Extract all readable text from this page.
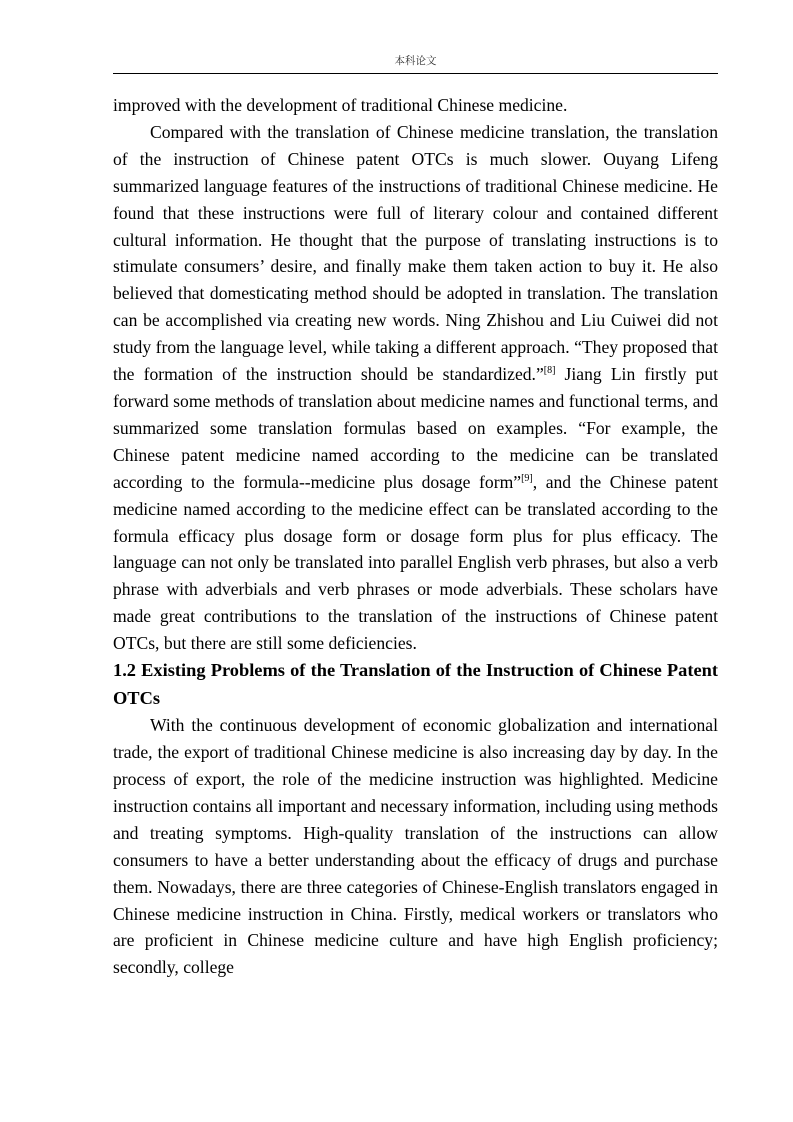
本科论文

improved with the development of traditional Chinese medicine.

Compared with the translation of Chinese medicine translation, the translation of the instruction of Chinese patent OTCs is much slower. Ouyang Lifeng summarized language features of the instructions of traditional Chinese medicine. He found that these instructions were full of literary colour and contained different cultural information. He thought that the purpose of translating instructions is to stimulate consumers’ desire, and finally make them taken action to buy it. He also believed that domesticating method should be adopted in translation. The translation can be accomplished via creating new words. Ning Zhishou and Liu Cuiwei did not study from the language level, while taking a different approach. “They proposed that the formation of the instruction should be standardized.”[8] Jiang Lin firstly put forward some methods of translation about medicine names and functional terms, and summarized some translation formulas based on examples. “For example, the Chinese patent medicine named according to the medicine can be translated according to the formula--medicine plus dosage form”[9], and the Chinese patent medicine named according to the medicine effect can be translated according to the formula efficacy plus dosage form or dosage form plus for plus efficacy. The language can not only be translated into parallel English verb phrases, but also a verb phrase with adverbials and verb phrases or mode adverbials. These scholars have made great contributions to the translation of the instructions of Chinese patent OTCs, but there are still some deficiencies.

1.2 Existing Problems of the Translation of the Instruction of Chinese Patent OTCs

With the continuous development of economic globalization and international trade, the export of traditional Chinese medicine is also increasing day by day. In the process of export, the role of the medicine instruction was highlighted. Medicine instruction contains all important and necessary information, including using methods and treating symptoms. High-quality translation of the instructions can allow consumers to have a better understanding about the efficacy of drugs and purchase them. Nowadays, there are three categories of Chinese-English translators engaged in Chinese medicine instruction in China. Firstly, medical workers or translators who are proficient in Chinese medicine culture and have high English proficiency; secondly, college
